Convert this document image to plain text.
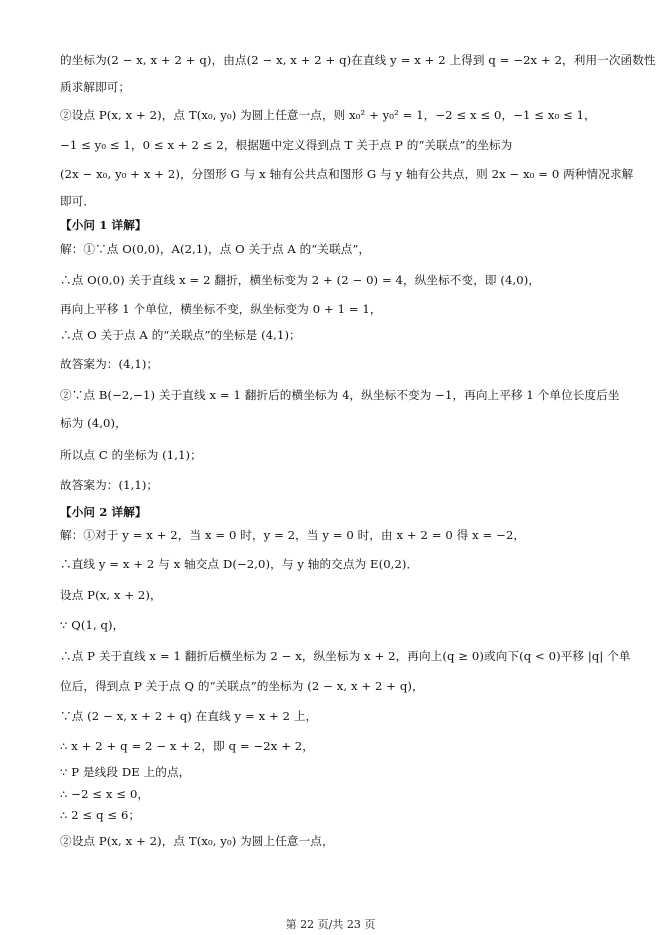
的坐标为(2 − x, x + 2 + q)，由点(2 − x, x + 2 + q)在直线 y = x + 2 上得到 q = −2x + 2，利用一次函数性
质求解即可；
②设点 P(x, x + 2)，点 T(x₀, y₀) 为圆上任意一点，则 x₀² + y₀² = 1，−2 ≤ x ≤ 0，−1 ≤ x₀ ≤ 1，
−1 ≤ y₀ ≤ 1，0 ≤ x + 2 ≤ 2，根据题中定义得到点 T 关于点 P 的“关联点”的坐标为
(2x − x₀, y₀ + x + 2)，分图形 G 与 x 轴有公共点和图形 G 与 y 轴有公共点，则 2x − x₀ = 0 两种情况求解
即可．
【小问 1 详解】
解：①∵点 O(0,0)，A(2,1)，点 O 关于点 A 的“关联点”，
∴点 O(0,0) 关于直线 x = 2 翻折，横坐标变为 2 + (2 − 0) = 4，纵坐标不变，即 (4,0)，
再向上平移 1 个单位，横坐标不变，纵坐标变为 0 + 1 = 1，
∴点 O 关于点 A 的“关联点”的坐标是 (4,1)；
故答案为：(4,1)；
②∵点 B(−2,−1) 关于直线 x = 1 翻折后的横坐标为 4，纵坐标不变为 −1，再向上平移 1 个单位长度后坐
标为 (4,0)，
所以点 C 的坐标为 (1,1)；
故答案为：(1,1)；
【小问 2 详解】
解：①对于 y = x + 2，当 x = 0 时，y = 2，当 y = 0 时，由 x + 2 = 0 得 x = −2，
∴直线 y = x + 2 与 x 轴交点 D(−2,0)，与 y 轴的交点为 E(0,2)．
设点 P(x, x + 2)，
∵ Q(1, q)，
∴点 P 关于直线 x = 1 翻折后横坐标为 2 − x，纵坐标为 x + 2，再向上(q ≥ 0)或向下(q < 0)平移 |q| 个单
位后，得到点 P 关于点 Q 的“关联点”的坐标为 (2 − x, x + 2 + q)，
∵点 (2 − x, x + 2 + q) 在直线 y = x + 2 上，
∴ x + 2 + q = 2 − x + 2，即 q = −2x + 2，
∵ P 是线段 DE 上的点，
∴ −2 ≤ x ≤ 0，
∴ 2 ≤ q ≤ 6；
②设点 P(x, x + 2)，点 T(x₀, y₀) 为圆上任意一点，
第 22 页/共 23 页
